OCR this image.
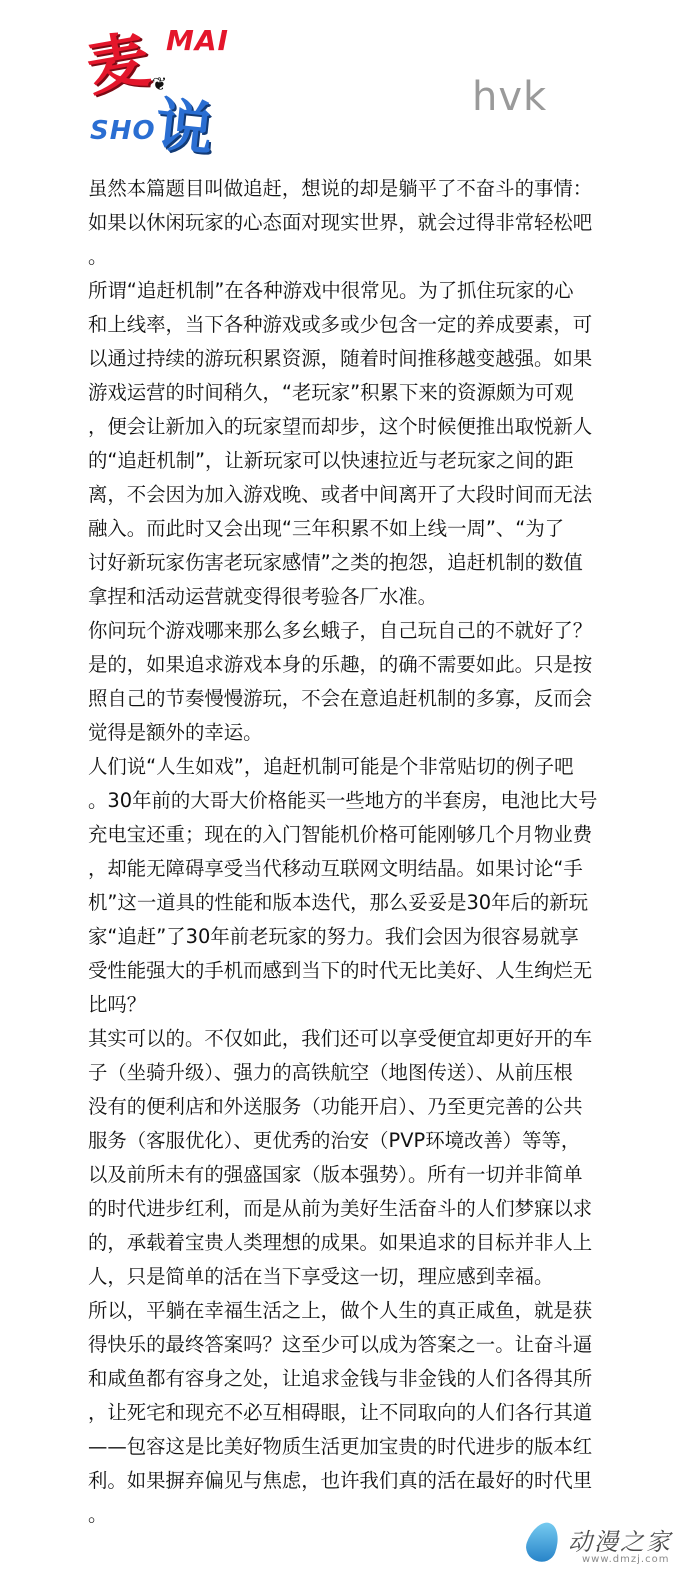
麦 MAI
❦
说
SHO
hvk
虽然本篇题目叫做追赶，想说的却是躺平了不奋斗的事情：
如果以休闲玩家的心态面对现实世界，就会过得非常轻松吧
。
所谓“追赶机制”在各种游戏中很常见。为了抓住玩家的心
和上线率，当下各种游戏或多或少包含一定的养成要素，可
以通过持续的游玩积累资源，随着时间推移越变越强。如果
游戏运营的时间稍久，“老玩家”积累下来的资源颇为可观
，便会让新加入的玩家望而却步，这个时候便推出取悦新人
的“追赶机制”，让新玩家可以快速拉近与老玩家之间的距
离，不会因为加入游戏晚、或者中间离开了大段时间而无法
融入。而此时又会出现“三年积累不如上线一周”、“为了
讨好新玩家伤害老玩家感情”之类的抱怨，追赶机制的数值
拿捏和活动运营就变得很考验各厂水准。
你问玩个游戏哪来那么多幺蛾子，自己玩自己的不就好了？
是的，如果追求游戏本身的乐趣，的确不需要如此。只是按
照自己的节奏慢慢游玩，不会在意追赶机制的多寡，反而会
觉得是额外的幸运。
人们说“人生如戏”，追赶机制可能是个非常贴切的例子吧
。30年前的大哥大价格能买一些地方的半套房，电池比大号
充电宝还重；现在的入门智能机价格可能刚够几个月物业费
，却能无障碍享受当代移动互联网文明结晶。如果讨论“手
机”这一道具的性能和版本迭代，那么妥妥是30年后的新玩
家“追赶”了30年前老玩家的努力。我们会因为很容易就享
受性能强大的手机而感到当下的时代无比美好、人生绚烂无
比吗？
其实可以的。不仅如此，我们还可以享受便宜却更好开的车
子（坐骑升级）、强力的高铁航空（地图传送）、从前压根
没有的便利店和外送服务（功能开启）、乃至更完善的公共
服务（客服优化）、更优秀的治安（PVP环境改善）等等，
以及前所未有的强盛国家（版本强势）。所有一切并非简单
的时代进步红利，而是从前为美好生活奋斗的人们梦寐以求
的，承载着宝贵人类理想的成果。如果追求的目标并非人上
人，只是简单的活在当下享受这一切，理应感到幸福。
所以，平躺在幸福生活之上，做个人生的真正咸鱼，就是获
得快乐的最终答案吗？这至少可以成为答案之一。让奋斗逼
和咸鱼都有容身之处，让追求金钱与非金钱的人们各得其所
，让死宅和现充不必互相碍眼，让不同取向的人们各行其道
——包容这是比美好物质生活更加宝贵的时代进步的版本红
利。如果摒弃偏见与焦虑，也许我们真的活在最好的时代里
。
动漫之家
www.dmzj.com
